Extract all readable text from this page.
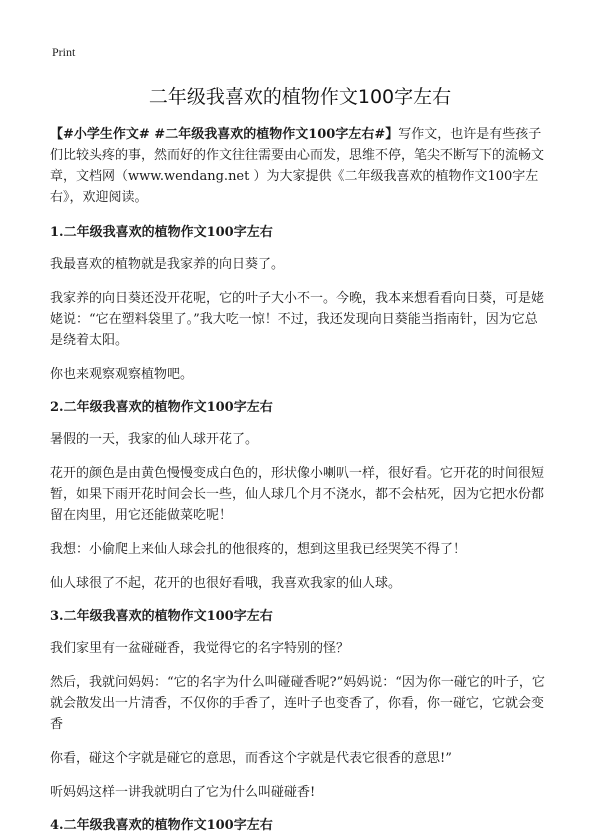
Print
二年级我喜欢的植物作文100字左右

【#小学生作文# #二年级我喜欢的植物作文100字左右#】写作文，也许是有些孩子们比较头疼的事，然而好的作文往往需要由心而发，思维不停，笔尖不断写下的流畅文章，文档网（www.wendang.net ）为大家提供《二年级我喜欢的植物作文100字左右》，欢迎阅读。

1.二年级我喜欢的植物作文100字左右

我最喜欢的植物就是我家养的向日葵了。

我家养的向日葵还没开花呢，它的叶子大小不一。今晚，我本来想看看向日葵，可是姥姥说：“它在塑料袋里了。”我大吃一惊！不过，我还发现向日葵能当指南针，因为它总是绕着太阳。

你也来观察观察植物吧。

2.二年级我喜欢的植物作文100字左右

暑假的一天，我家的仙人球开花了。

花开的颜色是由黄色慢慢变成白色的，形状像小喇叭一样，很好看。它开花的时间很短暂，如果下雨开花时间会长一些，仙人球几个月不浇水，都不会枯死，因为它把水份都留在肉里，用它还能做菜吃呢！

我想：小偷爬上来仙人球会扎的他很疼的，想到这里我已经哭笑不得了！

仙人球很了不起，花开的也很好看哦，我喜欢我家的仙人球。

3.二年级我喜欢的植物作文100字左右

我们家里有一盆碰碰香，我觉得它的名字特别的怪？

然后，我就问妈妈：“它的名字为什么叫碰碰香呢?”妈妈说：“因为你一碰它的叶子，它就会散发出一片清香，不仅你的手香了，连叶子也变香了，你看，你一碰它，它就会变香

你看，碰这个字就是碰它的意思，而香这个字就是代表它很香的意思!”

听妈妈这样一讲我就明白了它为什么叫碰碰香!

4.二年级我喜欢的植物作文100字左右
